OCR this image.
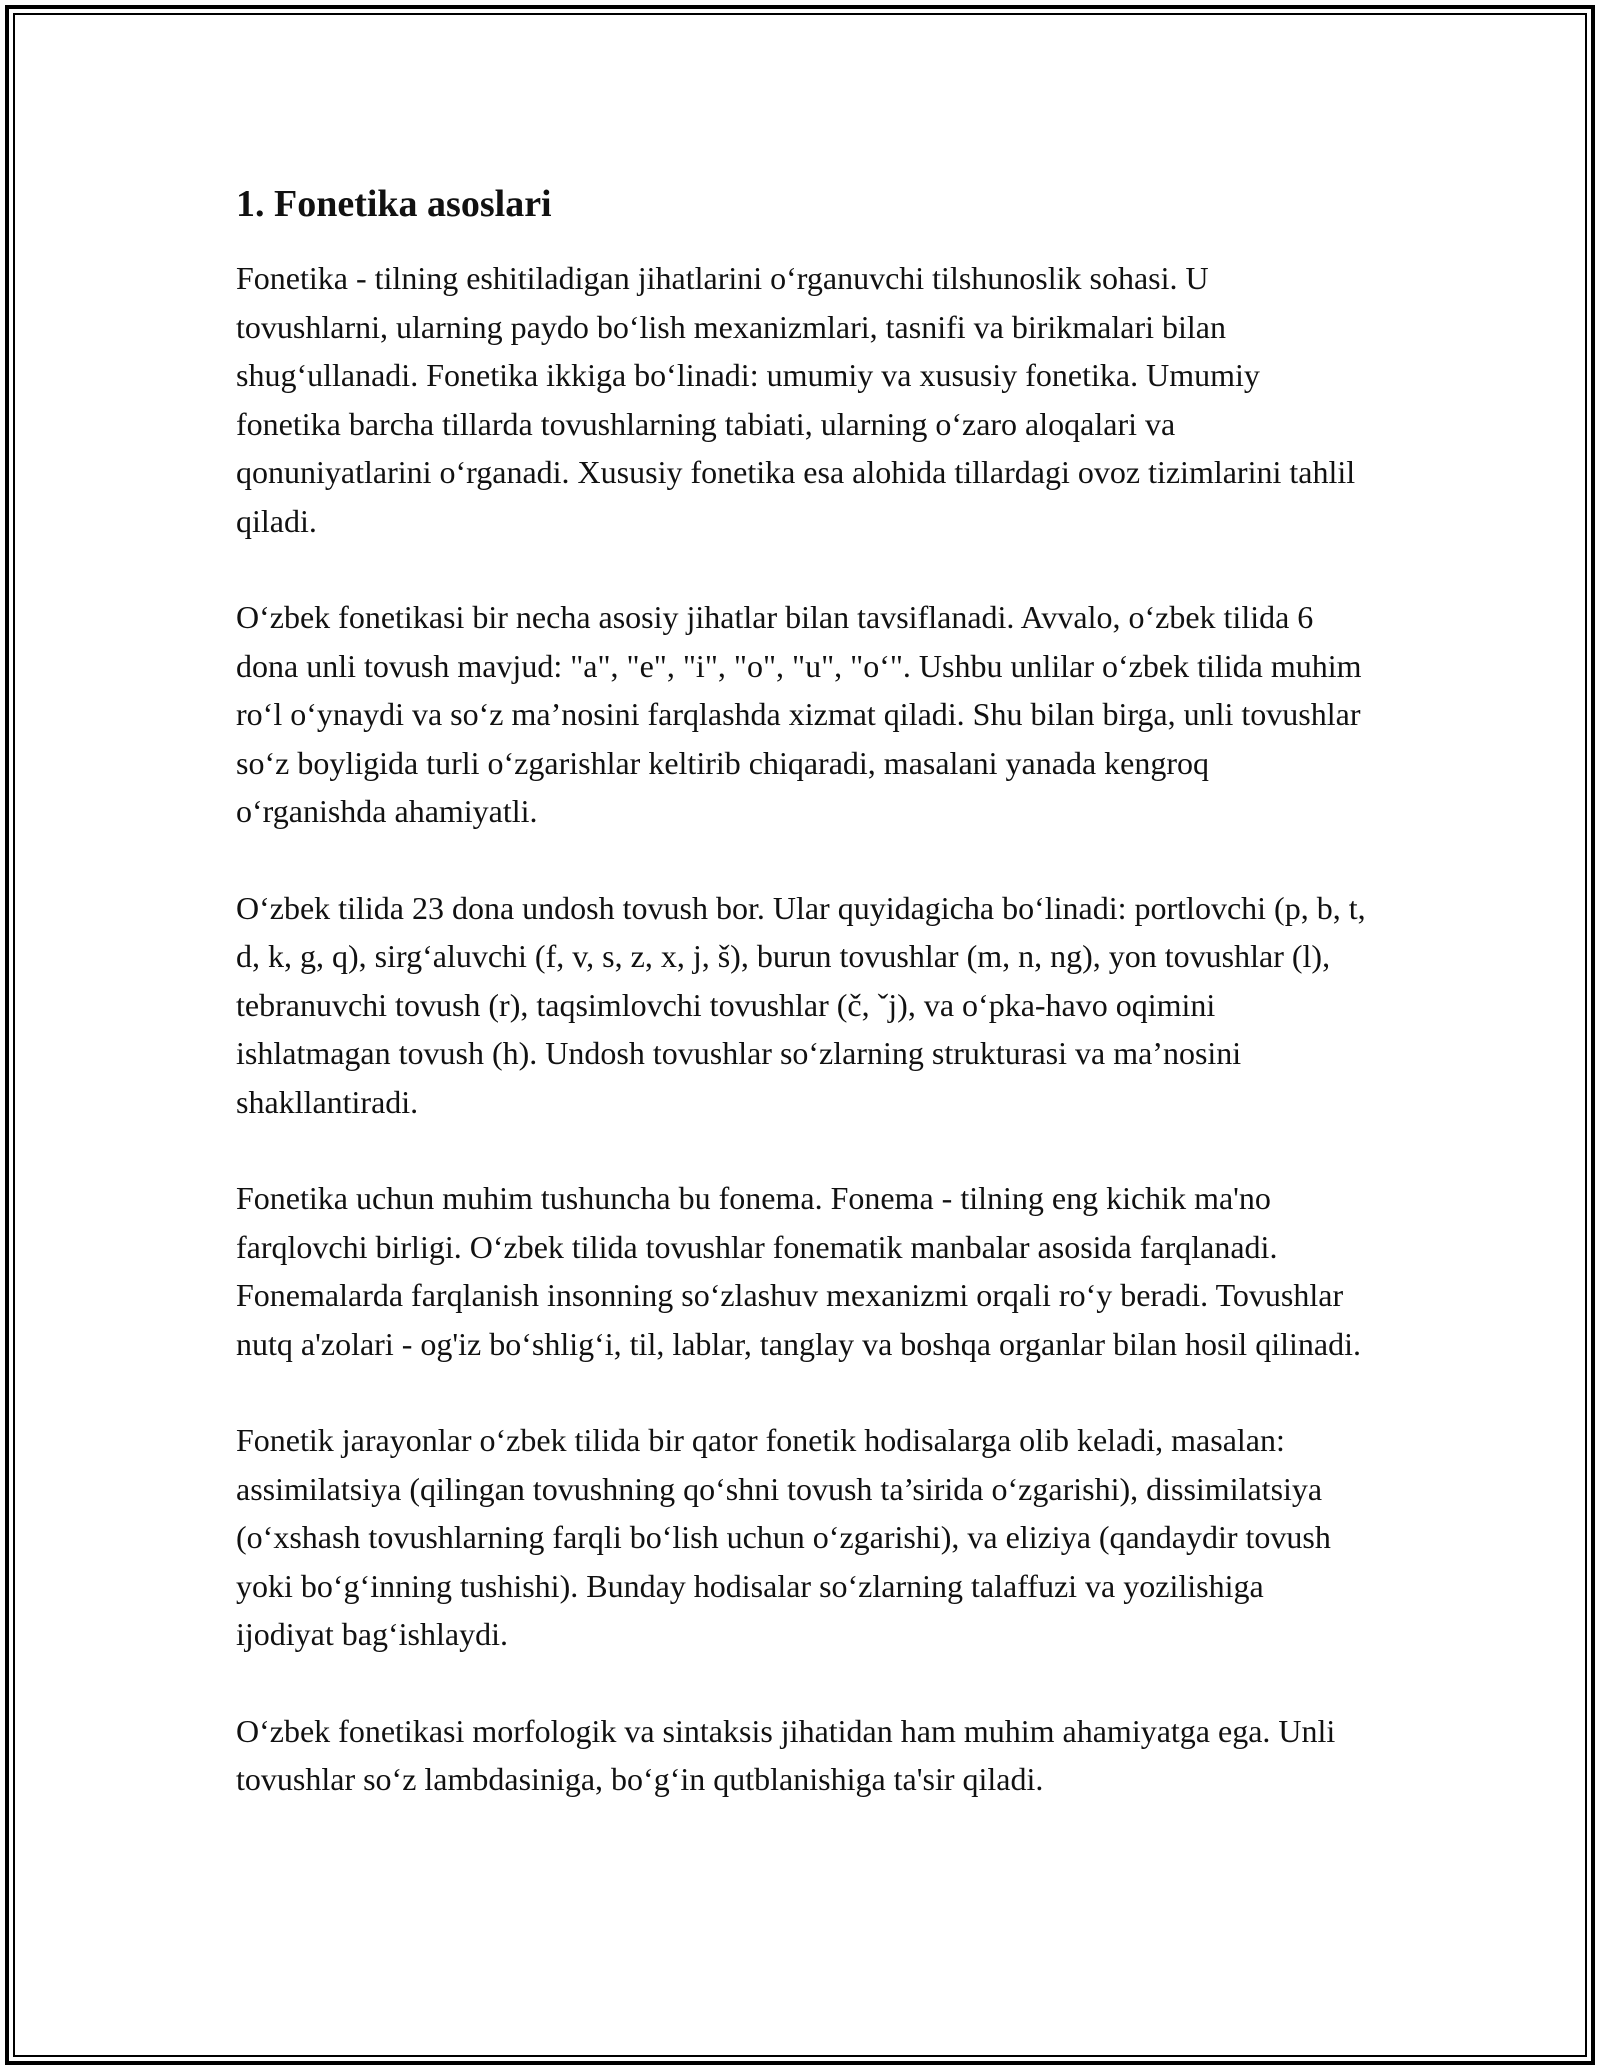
1. Fonetika asoslari

Fonetika - tilning eshitiladigan jihatlarini o‘rganuvchi tilshunoslik sohasi. U tovushlarni, ularning paydo bo‘lish mexanizmlari, tasnifi va birikmalari bilan shug‘ullanadi. Fonetika ikkiga bo‘linadi: umumiy va xususiy fonetika. Umumiy fonetika barcha tillarda tovushlarning tabiati, ularning o‘zaro aloqalari va qonuniyatlarini o‘rganadi. Xususiy fonetika esa alohida tillardagi ovoz tizimlarini tahlil qiladi.

O‘zbek fonetikasi bir necha asosiy jihatlar bilan tavsiflanadi. Avvalo, o‘zbek tilida 6 dona unli tovush mavjud: "a", "e", "i", "o", "u", "o‘". Ushbu unlilar o‘zbek tilida muhim ro‘l o‘ynaydi va so‘z ma’nosini farqlashda xizmat qiladi. Shu bilan birga, unli tovushlar so‘z boyligida turli o‘zgarishlar keltirib chiqaradi, masalani yanada kengroq o‘rganishda ahamiyatli.

O‘zbek tilida 23 dona undosh tovush bor. Ular quyidagicha bo‘linadi: portlovchi (p, b, t, d, k, g, q), sirg‘aluvchi (f, v, s, z, x, j, š), burun tovushlar (m, n, ng), yon tovushlar (l), tebranuvchi tovush (r), taqsimlovchi tovushlar (č, ˇj), va o‘pka-havo oqimini ishlatmagan tovush (h). Undosh tovushlar so‘zlarning strukturasi va ma’nosini shakllantiradi.

Fonetika uchun muhim tushuncha bu fonema. Fonema - tilning eng kichik ma'no farqlovchi birligi. O‘zbek tilida tovushlar fonematik manbalar asosida farqlanadi. Fonemalarda farqlanish insonning so‘zlashuv mexanizmi orqali ro‘y beradi. Tovushlar nutq a'zolari - og'iz bo‘shlig‘i, til, lablar, tanglay va boshqa organlar bilan hosil qilinadi.

Fonetik jarayonlar o‘zbek tilida bir qator fonetik hodisalarga olib keladi, masalan: assimilatsiya (qilingan tovushning qo‘shni tovush ta’sirida o‘zgarishi), dissimilatsiya (o‘xshash tovushlarning farqli bo‘lish uchun o‘zgarishi), va eliziya (qandaydir tovush yoki bo‘g‘inning tushishi). Bunday hodisalar so‘zlarning talaffuzi va yozilishiga ijodiyat bag‘ishlaydi.

O‘zbek fonetikasi morfologik va sintaksis jihatidan ham muhim ahamiyatga ega. Unli tovushlar so‘z lambdasiniga, bo‘g‘in qutblanishiga ta'sir qiladi.
